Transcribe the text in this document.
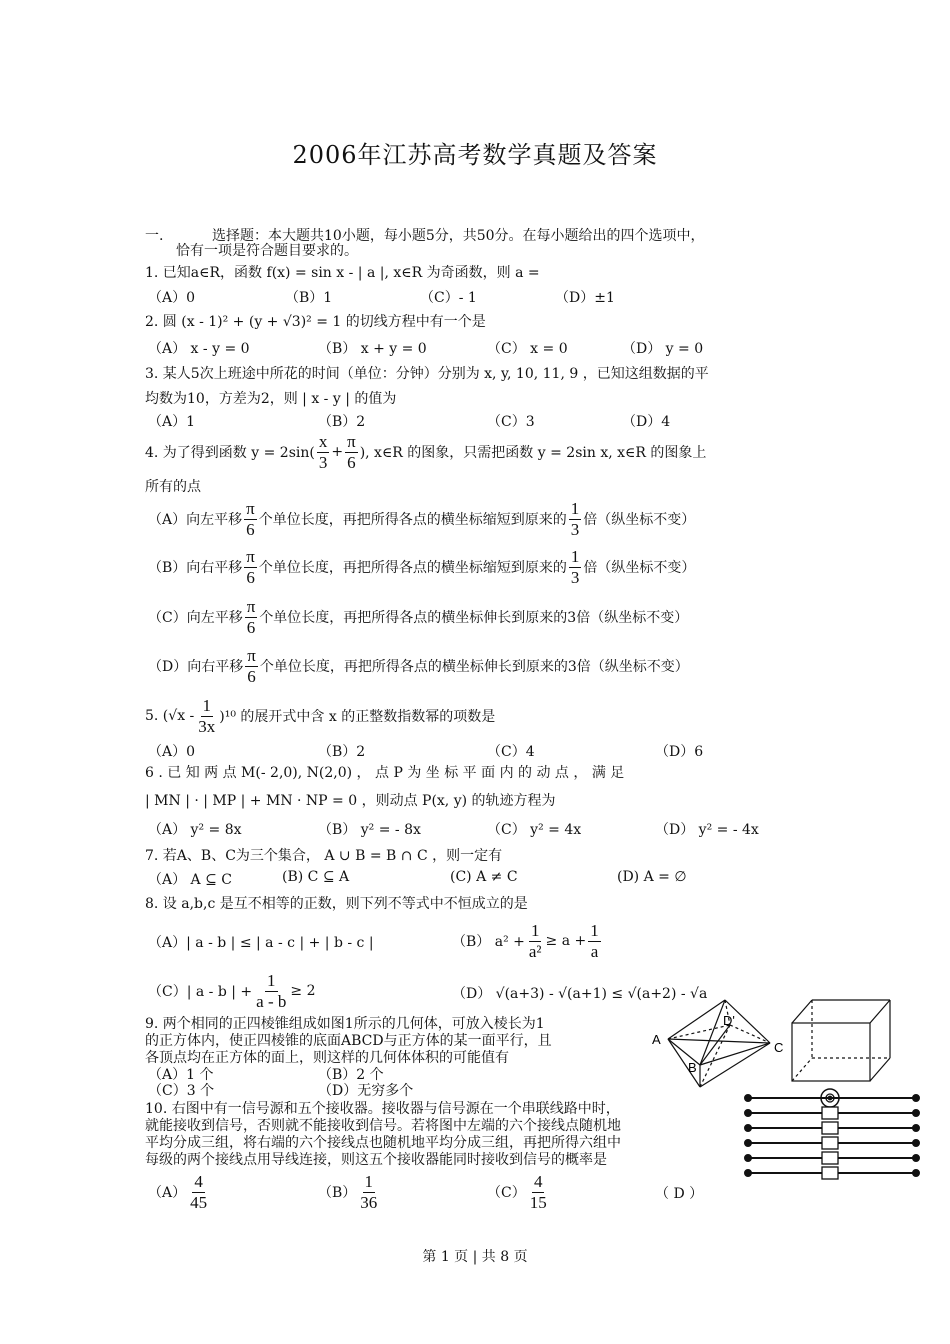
2006年江苏高考数学真题及答案
一.	选择题：本大题共10小题，每小题5分，共50分。在每小题给出的四个选项中，
恰有一项是符合题目要求的。
1. 已知a∈R，函数 f(x) = sin x - | a |, x∈R 为奇函数，则 a =
（A）0	（B）1	（C）- 1	（D）±1
2. 圆 (x - 1)² + (y + √3)² = 1 的切线方程中有一个是
（A） x - y = 0	（B） x + y = 0	（C） x = 0	（D） y = 0
3. 某人5次上班途中所花的时间（单位：分钟）分别为 x, y, 10, 11, 9 ，已知这组数据的平
均数为10，方差为2，则 | x - y | 的值为
（A）1	（B）2	（C）3	（D）4
4. 为了得到函数 $y = 2\sin( \frac{x}{3} + \frac{\pi}{6}$ ), x∈R 的图象，只需把函数 y = 2sin x, x∈R 的图象上
所有的点
（A）向左平移 $\frac{\pi}{6}$ 个单位长度，再把所得各点的横坐标缩短到原来的 $\frac{1}{3}$ 倍（纵坐标不变）
（B）向右平移 $\frac{\pi}{6}$ 个单位长度，再把所得各点的横坐标缩短到原来的 $\frac{1}{3}$ 倍（纵坐标不变）
（C）向左平移 $\frac{\pi}{6}$ 个单位长度，再把所得各点的横坐标伸长到原来的3倍（纵坐标不变）
（D）向右平移 $\frac{\pi}{6}$ 个单位长度，再把所得各点的横坐标伸长到原来的3倍（纵坐标不变）
5. $(√x - \frac{1}{3x} )^{10}$ 的展开式中含 x 的正整数指数幂的项数是
（A）0	（B）2	（C）4	（D）6
6 . 已 知 两 点 M(- 2,0), N(2,0) ， 点 P 为 坐 标 平 面 内 的 动 点 ， 满 足
| MN | · | MP | + MN · NP = 0 ，则动点 P(x, y) 的轨迹方程为
（A） y² = 8x	（B） y² = - 8x	（C） y² = 4x	（D） y² = - 4x
7. 若A、B、C为三个集合， A ∪ B = B ∩ C ，则一定有
（A） A ⊆ C	(B) C ⊆ A	(C) A ≠ C	(D) A = ∅
8. 设 a,b,c 是互不相等的正数，则下列不等式中不恒成立的是
（A）| a - b | ≤ | a - c | + | b - c |	（B） $a^2 + \frac{1}{\text{a²}} \ge a + \frac{1}{a}$
（C）| a - b | + $\frac{1}{a - b} \ge 2$	（D） √(a+3) - √(a+1) ≤ √(a+2) - √a
9. 两个相同的正四棱锥组成如图1所示的几何体，可放入棱长为1
的正方体内，使正四棱锥的底面ABCD与正方体的某一面平行，且
各顶点均在正方体的面上，则这样的几何体体积的可能值有
（A）1 个	（B）2 个
（C）3 个	（D）无穷多个
10. 右图中有一信号源和五个接收器。接收器与信号源在一个串联线路中时，
就能接收到信号，否则就不能接收到信号。若将图中左端的六个接线点随机地
平均分成三组，将右端的六个接线点也随机地平均分成三组，再把所得六组中
每级的两个接线点用导线连接，则这五个接收器能同时接收到信号的概率是
$(A) \frac{4}{45}$	$(B) \frac{1}{36}$	$(C) \frac{4}{15}$	（ D ）
A
B
C
D'
第 1 页 | 共 8 页
